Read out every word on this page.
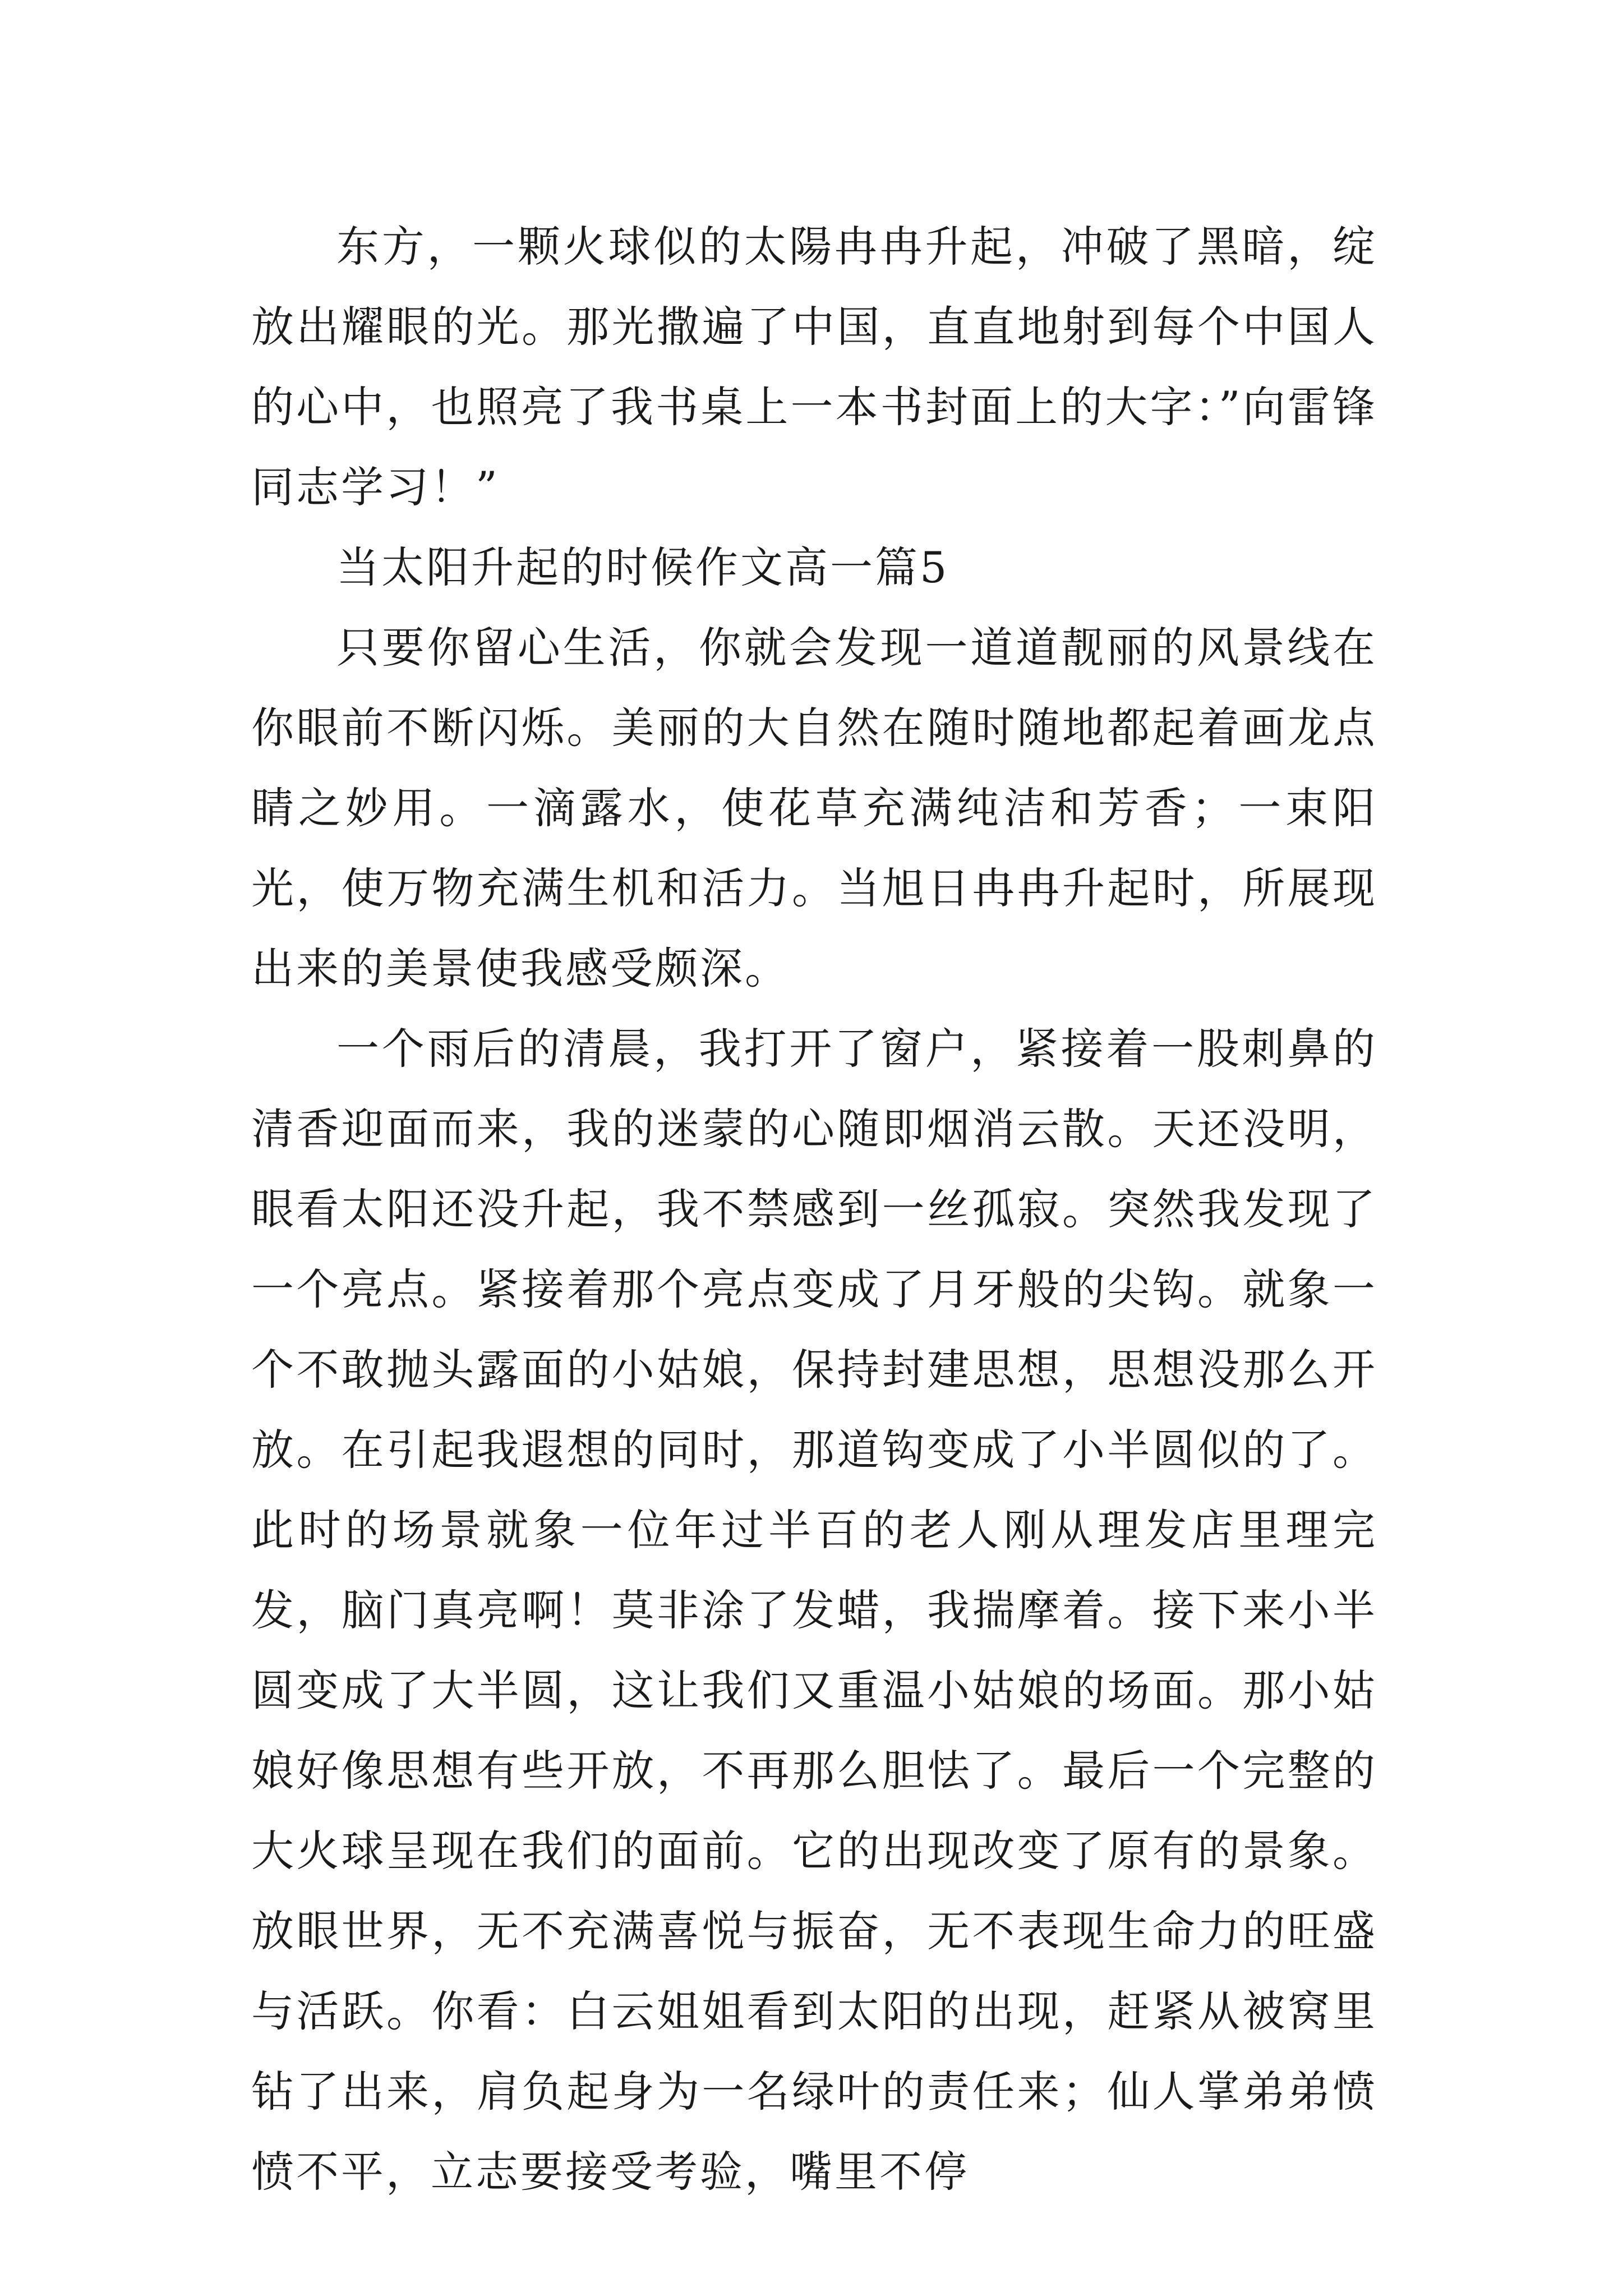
东方，一颗火球似的太陽冉冉升起，冲破了黑暗，绽放出耀眼的光。那光撒遍了中国，直直地射到每个中国人的心中，也照亮了我书桌上一本书封面上的大字：”向雷锋同志学习！”

当太阳升起的时候作文高一篇5

只要你留心生活，你就会发现一道道靓丽的风景线在你眼前不断闪烁。美丽的大自然在随时随地都起着画龙点睛之妙用。一滴露水，使花草充满纯洁和芳香；一束阳光，使万物充满生机和活力。当旭日冉冉升起时，所展现出来的美景使我感受颇深。

一个雨后的清晨，我打开了窗户，紧接着一股刺鼻的清香迎面而来，我的迷蒙的心随即烟消云散。天还没明，眼看太阳还没升起，我不禁感到一丝孤寂。突然我发现了一个亮点。紧接着那个亮点变成了月牙般的尖钩。就象一个不敢抛头露面的小姑娘，保持封建思想，思想没那么开放。在引起我遐想的同时，那道钩变成了小半圆似的了。此时的场景就象一位年过半百的老人刚从理发店里理完发，脑门真亮啊！莫非涂了发蜡，我揣摩着。接下来小半圆变成了大半圆，这让我们又重温小姑娘的场面。那小姑娘好像思想有些开放，不再那么胆怯了。最后一个完整的大火球呈现在我们的面前。它的出现改变了原有的景象。放眼世界，无不充满喜悦与振奋，无不表现生命力的旺盛与活跃。你看：白云姐姐看到太阳的出现，赶紧从被窝里钻了出来，肩负起身为一名绿叶的责任来；仙人掌弟弟愤愤不平，立志要接受考验，嘴里不停
